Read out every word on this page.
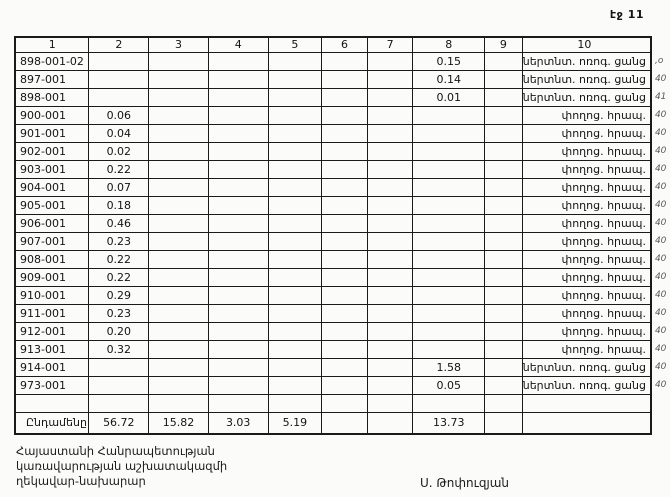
էջ 11
1	2	3	4	5	6	7	8	9	10	
898-001-02							0.15		ներտնտ. ոռոգ. ցանց	,o
897-001							0.14		ներտնտ. ոռոգ. ցանց	40
898-001							0.01		ներտնտ. ոռոգ. ցանց	41
900-001	0.06								փողոց. հրապ.	40
901-001	0.04								փողոց. հրապ.	40
902-001	0.02								փողոց. հրապ.	40
903-001	0.22								փողոց. հրապ.	40
904-001	0.07								փողոց. հրապ.	40
905-001	0.18								փողոց. հրապ.	40
906-001	0.46								փողոց. հրապ.	40
907-001	0.23								փողոց. հրապ.	40
908-001	0.22								փողոց. հրապ.	40
909-001	0.22								փողոց. հրապ.	40
910-001	0.29								փողոց. հրապ.	40
911-001	0.23								փողոց. հրապ.	40
912-001	0.20								փողոց. հրապ.	40
913-001	0.32								փողոց. հրապ.	40
914-001							1.58		ներտնտ. ոռոգ. ցանց	40
973-001							0.05		ներտնտ. ոռոգ. ցանց	40

Ընդամենը	56.72	15.82	3.03	5.19			13.73			
Հայաստանի Հանրապետության
կառավարության աշխատակազմի
ղեկավար-նախարար	Ս. Թոփուզյան
